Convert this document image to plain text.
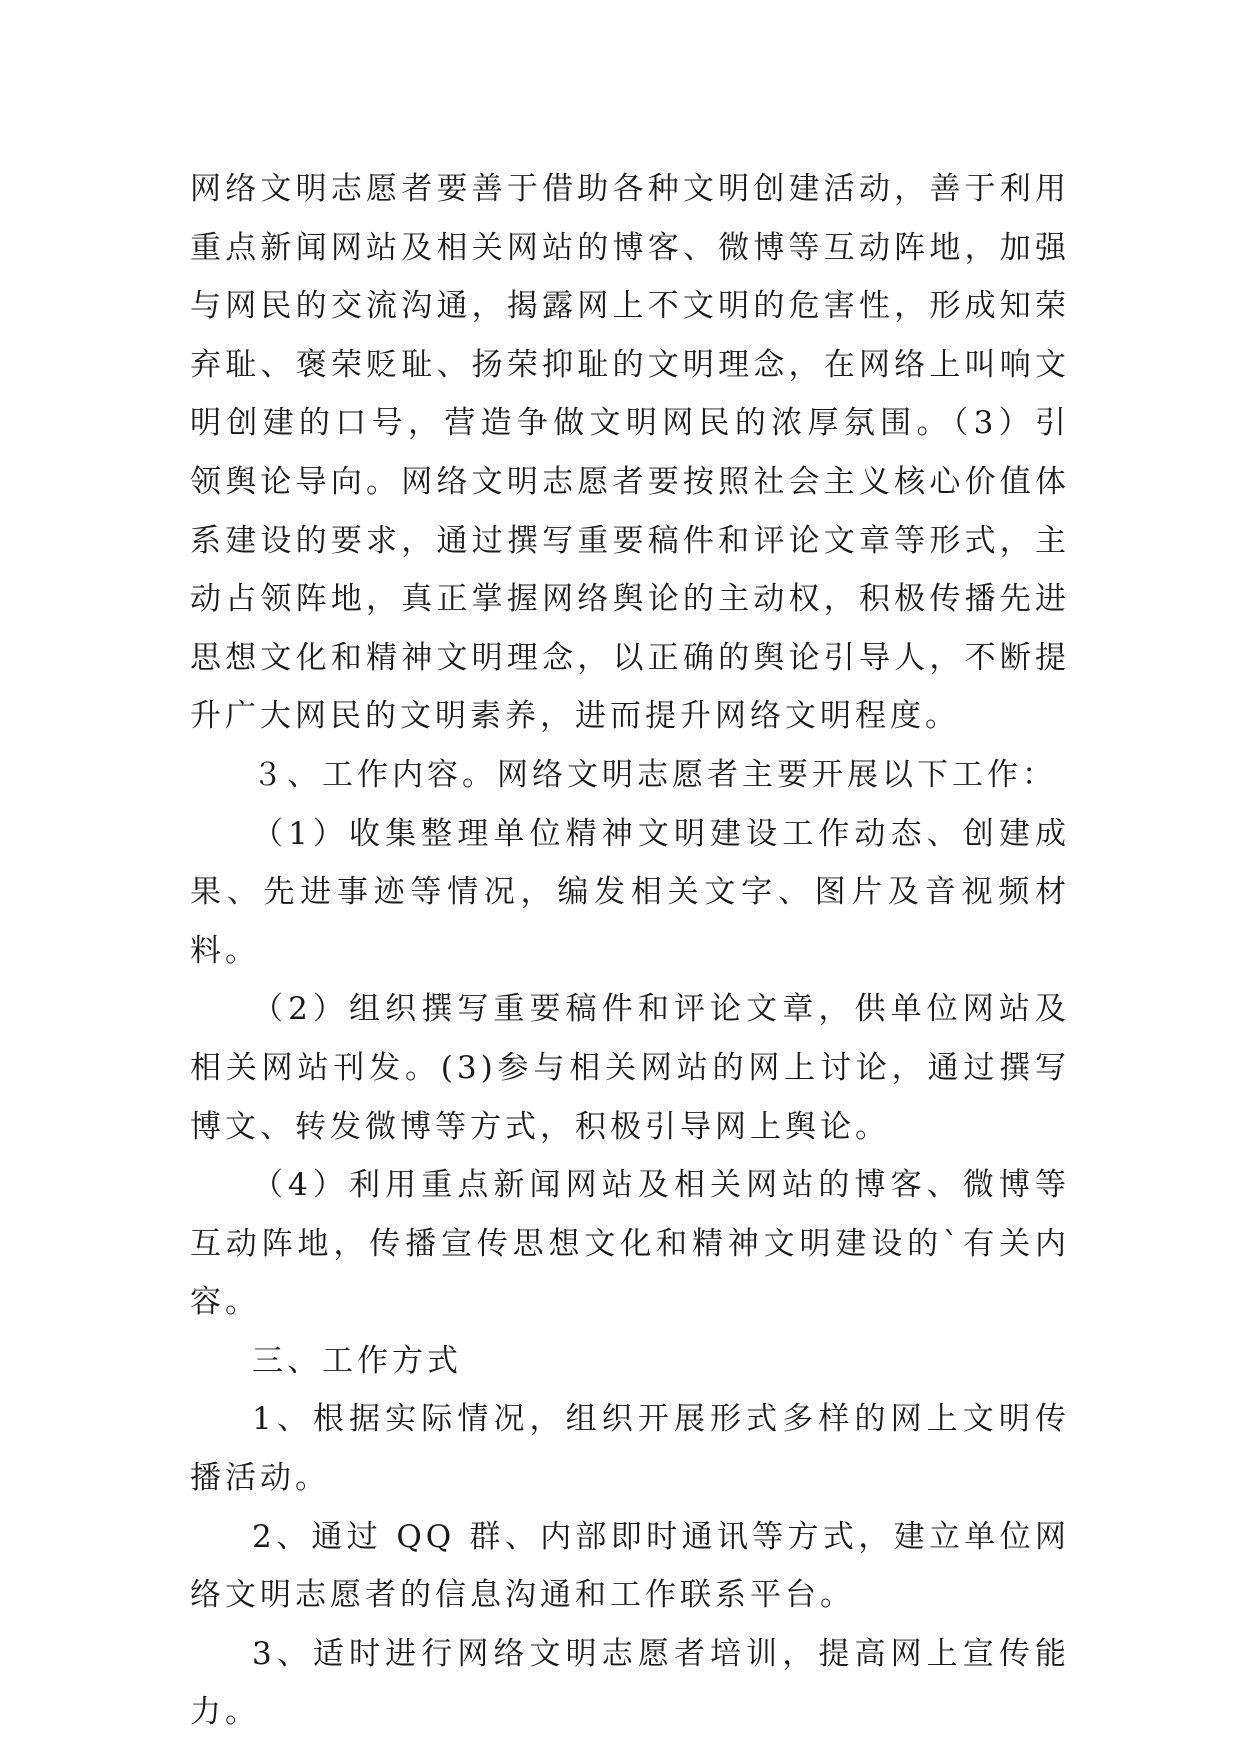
网络文明志愿者要善于借助各种文明创建活动，善于利用重点新闻网站及相关网站的博客、微博等互动阵地，加强与网民的交流沟通，揭露网上不文明的危害性，形成知荣弃耻、褒荣贬耻、扬荣抑耻的文明理念，在网络上叫响文明创建的口号，营造争做文明网民的浓厚氛围。（3）引领舆论导向。网络文明志愿者要按照社会主义核心价值体系建设的要求，通过撰写重要稿件和评论文章等形式，主动占领阵地，真正掌握网络舆论的主动权，积极传播先进思想文化和精神文明理念，以正确的舆论引导人，不断提升广大网民的文明素养，进而提升网络文明程度。

３、工作内容。网络文明志愿者主要开展以下工作：

（1）收集整理单位精神文明建设工作动态、创建成果、先进事迹等情况，编发相关文字、图片及音视频材料。

（2）组织撰写重要稿件和评论文章，供单位网站及相关网站刊发。(3)参与相关网站的网上讨论，通过撰写博文、转发微博等方式，积极引导网上舆论。

（4）利用重点新闻网站及相关网站的博客、微博等互动阵地，传播宣传思想文化和精神文明建设的`有关内容。

三、工作方式

1、根据实际情况，组织开展形式多样的网上文明传播活动。

2、通过 QQ 群、内部即时通讯等方式，建立单位网络文明志愿者的信息沟通和工作联系平台。

3、适时进行网络文明志愿者培训，提高网上宣传能力。
